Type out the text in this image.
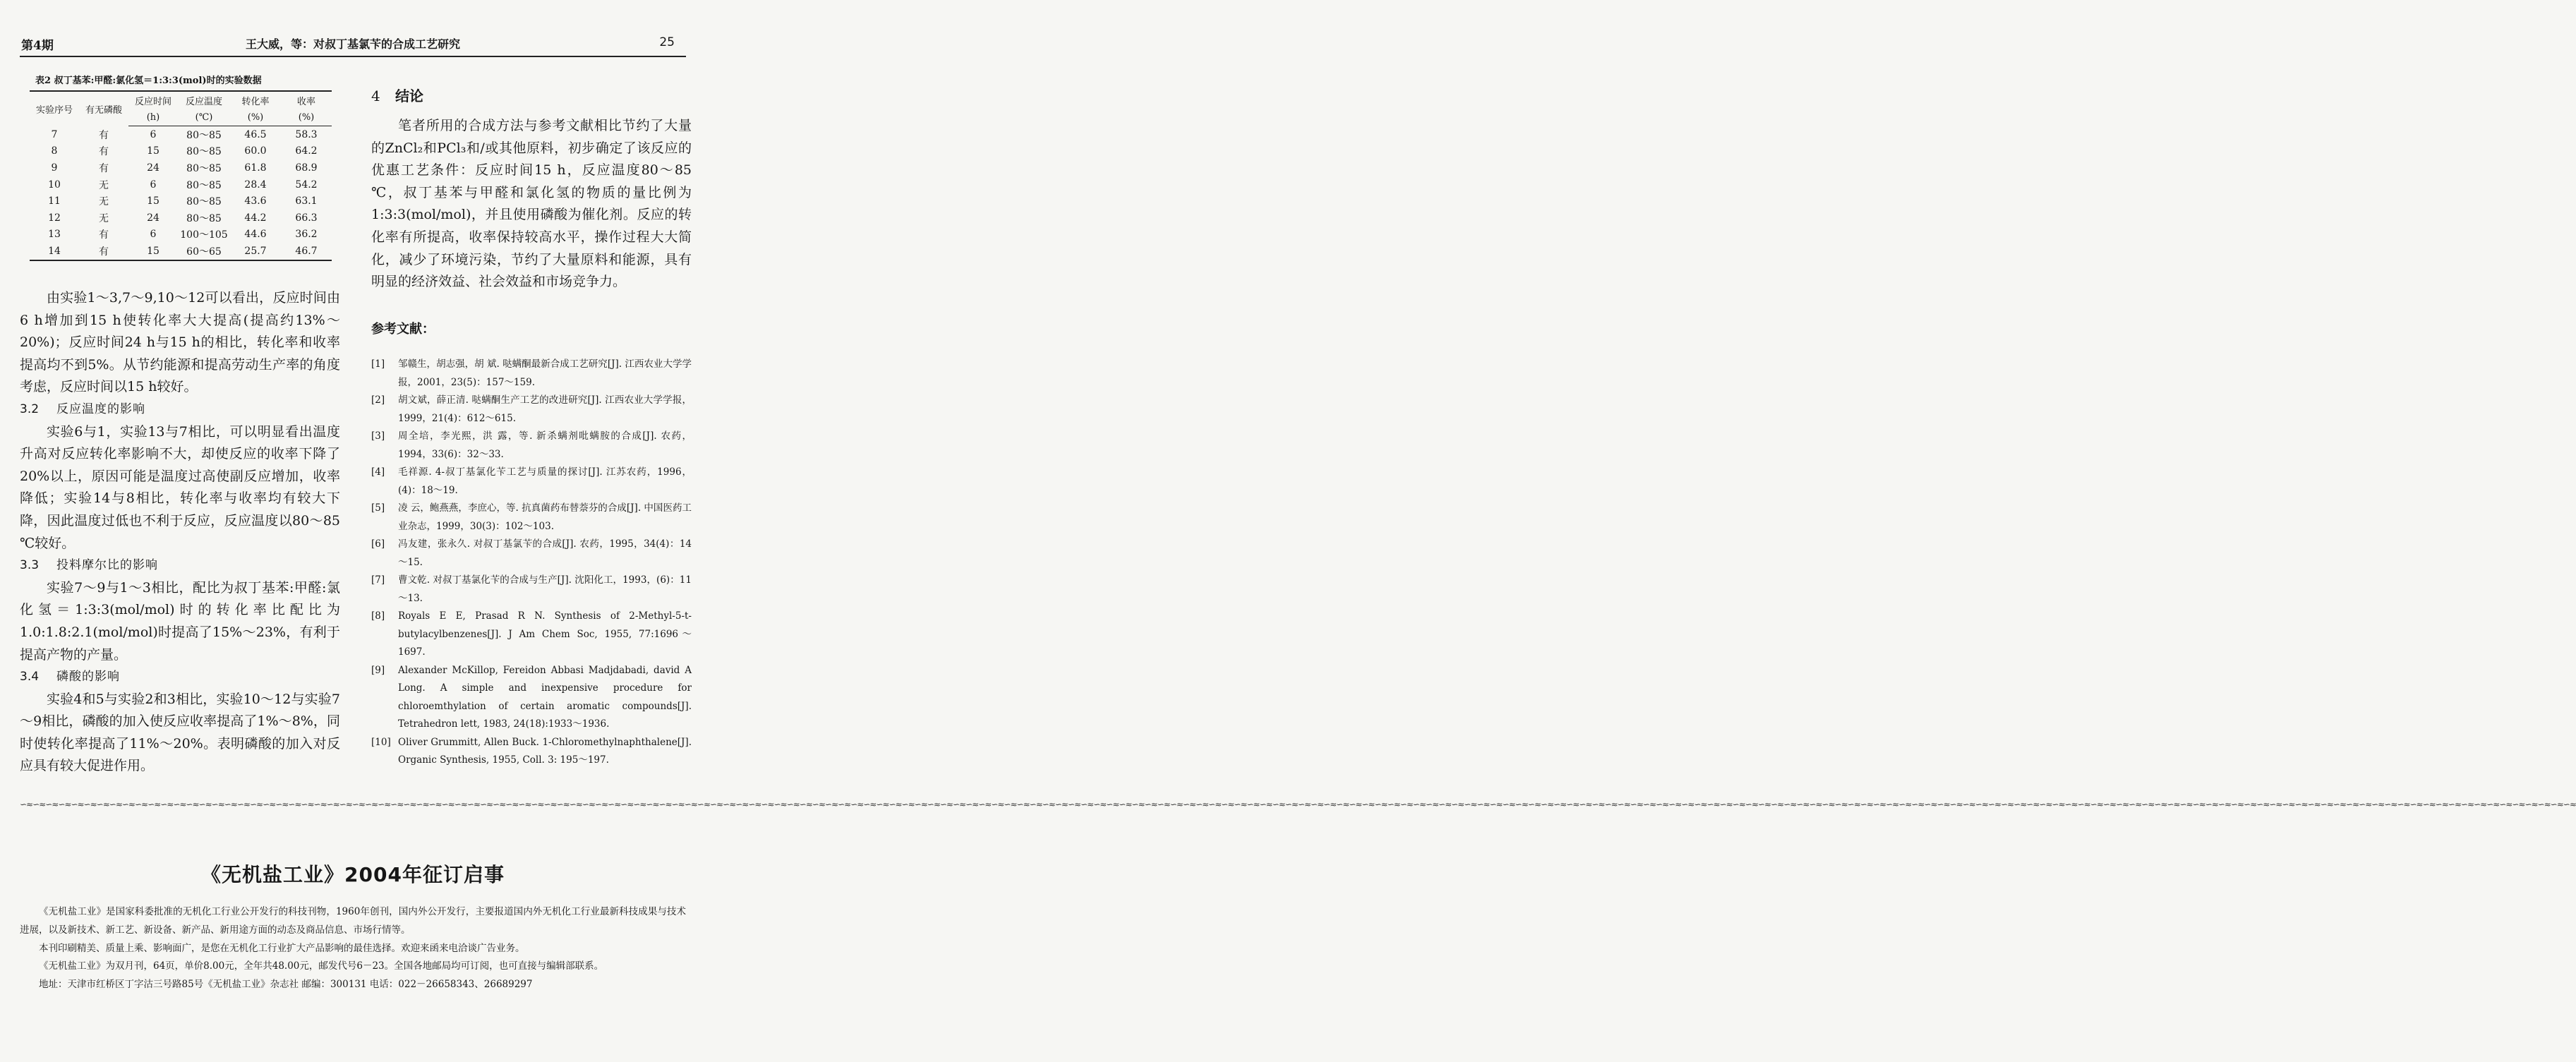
第4期	王大威，等：对叔丁基氯苄的合成工艺研究	25
表2 叔丁基苯:甲醛:氯化氢＝1:3:3(mol)时的实验数据
实验序号	有无磷酸	反应时间	反应温度	转化率	收率
		(h)	(℃)	(%)	(%)
7	有	6	80～85	46.5	58.3
8	有	15	80～85	60.0	64.2
9	有	24	80～85	61.8	68.9
10	无	6	80～85	28.4	54.2
11	无	15	80～85	43.6	63.1
12	无	24	80～85	44.2	66.3
13	有	6	100～105	44.6	36.2
14	有	15	60～65	25.7	46.7

由实验1～3,7～9,10～12可以看出，反应时间由6 h增加到15 h使转化率大大提高(提高约13%～20%)；反应时间24 h与15 h的相比，转化率和收率提高均不到5%。从节约能源和提高劳动生产率的角度考虑，反应时间以15 h较好。

3.2 反应温度的影响

实验6与1，实验13与7相比，可以明显看出温度升高对反应转化率影响不大，却使反应的收率下降了20%以上，原因可能是温度过高使副反应增加，收率降低；实验14与8相比，转化率与收率均有较大下降，因此温度过低也不利于反应，反应温度以80～85 ℃较好。

3.3 投料摩尔比的影响

实验7～9与1～3相比，配比为叔丁基苯:甲醛:氯化氢＝1:3:3(mol/mol)时的转化率比配比为1.0:1.8:2.1(mol/mol)时提高了15%～23%，有利于提高产物的产量。

3.4 磷酸的影响

实验4和5与实验2和3相比，实验10～12与实验7～9相比，磷酸的加入使反应收率提高了1%～8%，同时使转化率提高了11%～20%。表明磷酸的加入对反应具有较大促进作用。

4 结论

笔者所用的合成方法与参考文献相比节约了大量的ZnCl₂和PCl₃和/或其他原料，初步确定了该反应的优惠工艺条件：反应时间15 h，反应温度80～85 ℃，叔丁基苯与甲醛和氯化氢的物质的量比例为1:3:3(mol/mol)，并且使用磷酸为催化剂。反应的转化率有所提高，收率保持较高水平，操作过程大大简化，减少了环境污染，节约了大量原料和能源，具有明显的经济效益、社会效益和市场竞争力。

参考文献：
[1]	邹赣生，胡志强，胡 斌. 哒螨酮最新合成工艺研究[J]. 江西农业大学学报，2001，23(5)：157～159.
[2]	胡文斌，薛正清. 哒螨酮生产工艺的改进研究[J]. 江西农业大学学报，1999，21(4)：612～615.
[3]	周全培，李光熙，洪 露，等. 新杀螨剂吡螨胺的合成[J]. 农药，1994，33(6)：32～33.
[4]	毛祥源. 4-叔丁基氯化苄工艺与质量的探讨[J]. 江苏农药，1996，(4)：18～19.
[5]	凌 云，鲍燕燕，李庶心，等. 抗真菌药布替萘芬的合成[J]. 中国医药工业杂志，1999，30(3)：102～103.
[6]	冯友建，张永久. 对叔丁基氯苄的合成[J]. 农药，1995，34(4)：14～15.
[7]	曹文乾. 对叔丁基氯化苄的合成与生产[J]. 沈阳化工，1993，(6)：11～13.
[8]	Royals E E, Prasad R N. Synthesis of 2-Methyl-5-t-butylacylbenzenes[J]. J Am Chem Soc, 1955, 77:1696～1697.
[9]	Alexander McKillop, Fereidon Abbasi Madjdabadi, david A Long. A simple and inexpensive procedure for chloroemthylation of certain aromatic compounds[J]. Tetrahedron lett, 1983, 24(18):1933～1936.
[10] Oliver Grummitt, Allen Buck. 1-Chloromethylnaphthalene[J]. Organic Synthesis, 1955, Coll. 3: 195～197.
∽≈∽≈∽≈∽≈∽≈∽≈∽≈∽≈∽≈∽≈∽≈∽≈∽≈∽≈∽≈∽≈∽≈∽≈∽≈∽≈∽≈∽≈∽≈∽≈∽≈∽≈∽≈∽≈∽≈∽≈∽≈∽≈∽≈∽≈∽≈∽≈∽≈∽≈∽≈∽≈∽≈∽≈∽≈∽≈∽≈∽≈∽≈∽≈∽≈∽≈∽≈∽≈∽≈∽≈∽≈∽≈∽≈∽≈∽≈∽≈∽≈∽≈∽≈∽≈∽≈∽≈∽≈∽≈∽≈∽≈∽≈∽≈∽≈∽≈∽≈∽≈∽≈∽≈∽≈∽≈∽≈∽≈∽≈∽≈∽≈∽≈∽≈∽≈∽≈∽≈∽≈∽≈∽≈∽≈∽≈∽≈∽≈∽≈∽≈∽≈∽≈∽≈∽≈∽≈∽≈∽≈∽≈∽≈∽≈∽≈∽≈∽≈∽≈∽≈∽≈∽≈∽≈∽≈∽≈∽≈∽≈∽≈∽≈∽≈∽≈∽≈∽≈∽≈∽≈∽≈∽≈∽≈∽≈∽≈∽≈∽≈∽≈∽≈∽≈∽≈∽≈∽≈∽≈∽≈∽≈∽≈∽≈∽≈∽≈∽≈∽≈∽≈∽≈∽≈∽≈∽≈∽≈∽≈∽≈∽≈∽≈∽≈∽≈∽≈∽≈∽≈∽≈∽≈∽≈∽≈∽≈∽≈∽≈∽≈∽≈∽≈∽≈∽≈∽≈∽≈∽≈∽≈∽≈∽≈∽≈∽≈∽≈∽≈∽≈∽≈∽≈∽≈∽≈∽≈∽≈∽≈∽≈∽≈∽≈∽≈
《无机盐工业》2004年征订启事

《无机盐工业》是国家科委批准的无机化工行业公开发行的科技刊物，1960年创刊，国内外公开发行，主要报道国内外无机化工行业最新科技成果与技术进展，以及新技术、新工艺、新设备、新产品、新用途方面的动态及商品信息、市场行情等。

本刊印刷精美、质量上乘、影响面广，是您在无机化工行业扩大产品影响的最佳选择。欢迎来函来电洽谈广告业务。

《无机盐工业》为双月刊，64页，单价8.00元，全年共48.00元，邮发代号6－23。全国各地邮局均可订阅，也可直接与编辑部联系。

地址：天津市红桥区丁字沽三号路85号《无机盐工业》杂志社 邮编：300131 电话：022－26658343、26689297
